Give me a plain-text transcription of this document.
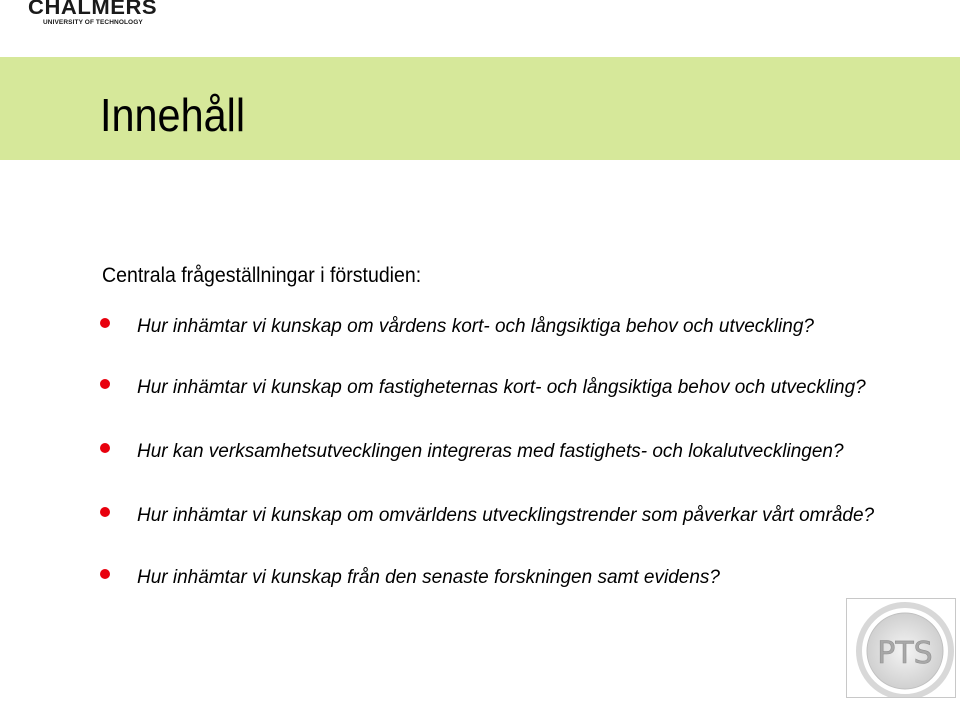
CHALMERS
UNIVERSITY OF TECHNOLOGY
Innehåll
Centrala frågeställningar i förstudien:
Hur inhämtar vi kunskap om vårdens kort- och långsiktiga behov och utveckling?
Hur inhämtar vi kunskap om fastigheternas kort- och långsiktiga behov och utveckling?
Hur kan verksamhetsutvecklingen integreras med fastighets- och lokalutvecklingen?
Hur inhämtar vi kunskap om omvärldens utvecklingstrender som påverkar vårt område?
Hur inhämtar vi kunskap från den senaste forskningen samt evidens?
PTS
